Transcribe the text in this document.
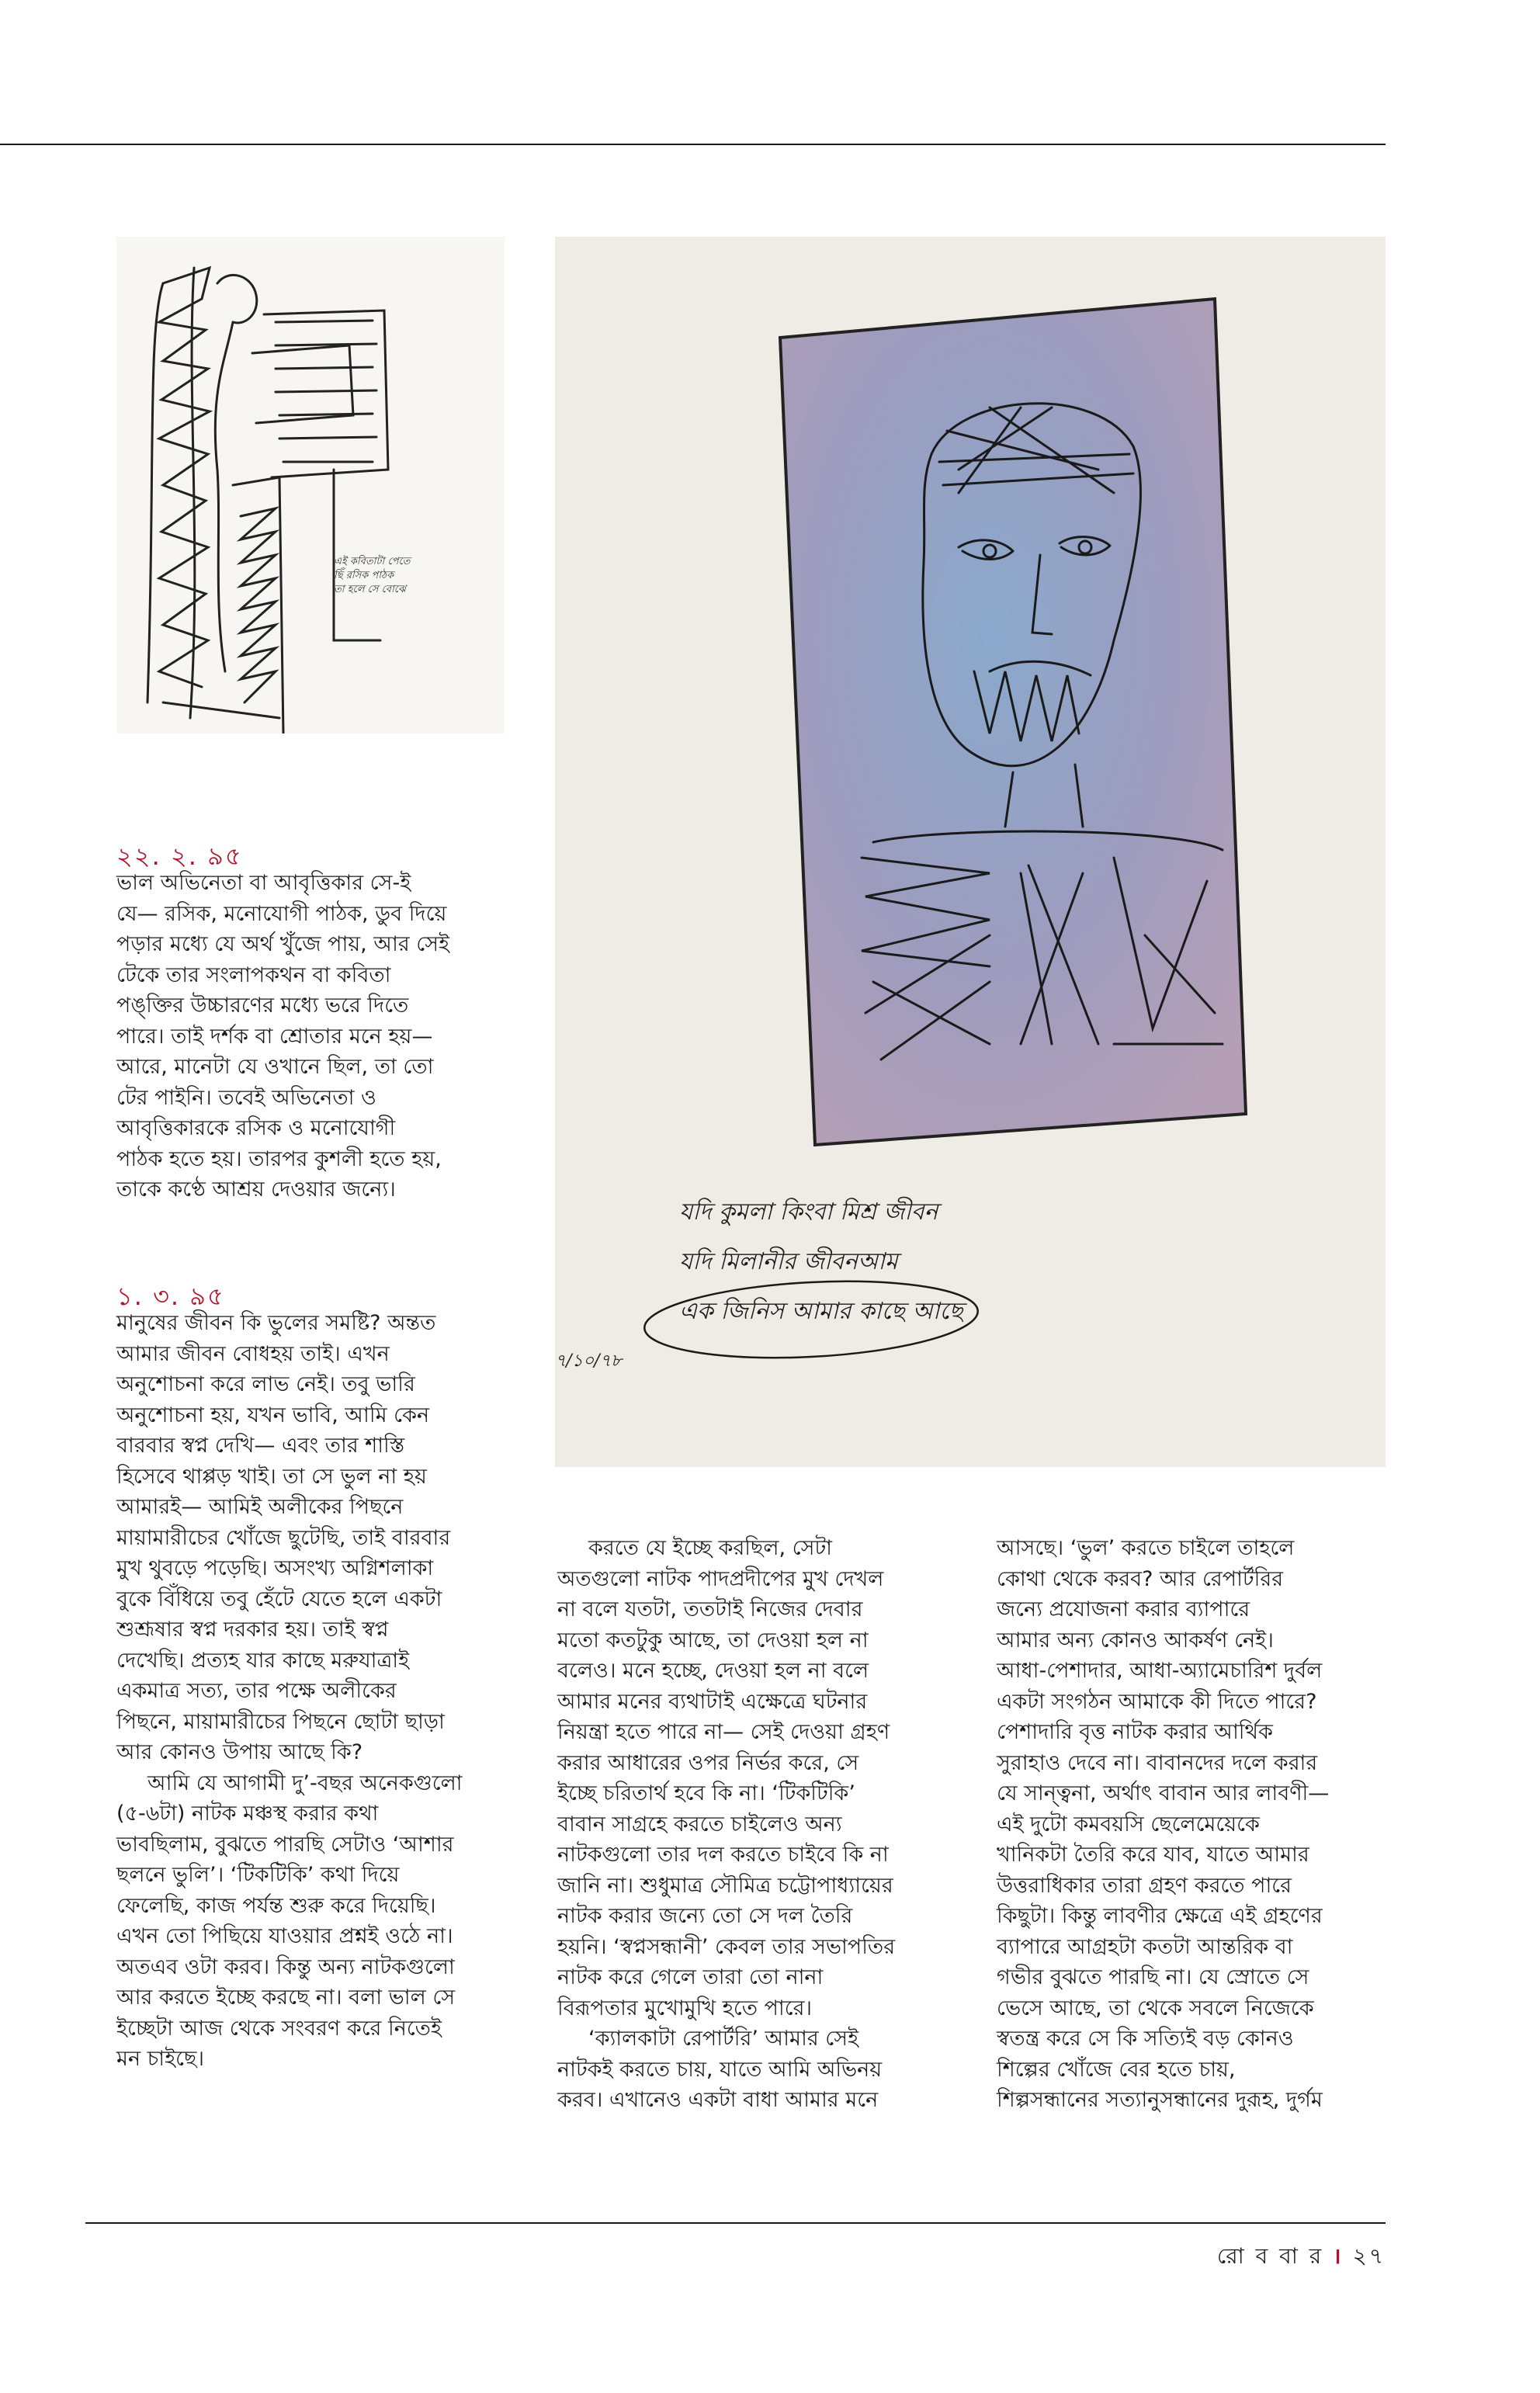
এই কবিতাটা পেতে
ছিঁ রসিক পাঠক
তা হলে সে বোঝে
যদি কুমলা কিংবা মিশ্র জীবন
যদি মিলানীর জীবনআম
এক জিনিস আমার কাছে আছে
৭/১০/৭৮
২২. ২. ৯৫

ভাল অভিনেতা বা আবৃত্তিকার সে-ই

যে— রসিক, মনোযোগী পাঠক, ডুব দিয়ে

পড়ার মধ্যে যে অর্থ খুঁজে পায়, আর সেই

টেকে তার সংলাপকথন বা কবিতা

পঙ্‌ক্তির উচ্চারণের মধ্যে ভরে দিতে

পারে। তাই দর্শক বা শ্রোতার মনে হয়—

আরে, মানেটা যে ওখানে ছিল, তা তো

টের পাইনি। তবেই অভিনেতা ও

আবৃত্তিকারকে রসিক ও মনোযোগী

পাঠক হতে হয়। তারপর কুশলী হতে হয়,

তাকে কণ্ঠে আশ্রয় দেওয়ার জন্যে।

১. ৩. ৯৫

মানুষের জীবন কি ভুলের সমষ্টি? অন্তত

আমার জীবন বোধহয় তাই। এখন

অনুশোচনা করে লাভ নেই। তবু ভারি

অনুশোচনা হয়, যখন ভাবি, আমি কেন

বারবার স্বপ্ন দেখি— এবং তার শাস্তি

হিসেবে থাপ্পড় খাই। তা সে ভুল না হয়

আমারই— আমিই অলীকের পিছনে

মায়ামারীচের খোঁজে ছুটেছি, তাই বারবার

মুখ থুবড়ে পড়েছি। অসংখ্য অগ্নিশলাকা

বুকে বিঁধিয়ে তবু হেঁটে যেতে হলে একটা

শুশ্রূষার স্বপ্ন দরকার হয়। তাই স্বপ্ন

দেখেছি। প্রত্যহ যার কাছে মরুযাত্রাই

একমাত্র সত্য, তার পক্ষে অলীকের

পিছনে, মায়ামারীচের পিছনে ছোটা ছাড়া

আর কোনও উপায় আছে কি?

আমি যে আগামী দু’-বছর অনেকগুলো

(৫-৬টা) নাটক মঞ্চস্থ করার কথা

ভাবছিলাম, বুঝতে পারছি সেটাও ‘আশার

ছলনে ভুলি’। ‘টিকটিকি’ কথা দিয়ে

ফেলেছি, কাজ পর্যন্ত শুরু করে দিয়েছি।

এখন তো পিছিয়ে যাওয়ার প্রশ্নই ওঠে না।

অতএব ওটা করব। কিন্তু অন্য নাটকগুলো

আর করতে ইচ্ছে করছে না। বলা ভাল সে

ইচ্ছেটা আজ থেকে সংবরণ করে নিতেই

মন চাইছে।

করতে যে ইচ্ছে করছিল, সেটা

অতগুলো নাটক পাদপ্রদীপের মুখ দেখল

না বলে যতটা, ততটাই নিজের দেবার

মতো কতটুকু আছে, তা দেওয়া হল না

বলেও। মনে হচ্ছে, দেওয়া হল না বলে

আমার মনের ব্যথাটাই এক্ষেত্রে ঘটনার

নিয়ন্ত্রা হতে পারে না— সেই দেওয়া গ্রহণ

করার আধারের ওপর নির্ভর করে, সে

ইচ্ছে চরিতার্থ হবে কি না। ‘টিকটিকি’

বাবান সাগ্রহে করতে চাইলেও অন্য

নাটকগুলো তার দল করতে চাইবে কি না

জানি না। শুধুমাত্র সৌমিত্র চট্টোপাধ্যায়ের

নাটক করার জন্যে তো সে দল তৈরি

হয়নি। ‘স্বপ্নসন্ধানী’ কেবল তার সভাপতির

নাটক করে গেলে তারা তো নানা

বিরূপতার মুখোমুখি হতে পারে।

‘ক্যালকাটা রেপার্টরি’ আমার সেই

নাটকই করতে চায়, যাতে আমি অভিনয়

করব। এখানেও একটা বাধা আমার মনে

আসছে। ‘ভুল’ করতে চাইলে তাহলে

কোথা থেকে করব? আর রেপার্টরির

জন্যে প্রযোজনা করার ব্যাপারে

আমার অন্য কোনও আকর্ষণ নেই।

আধা-পেশাদার, আধা-অ্যামেচারিশ দুর্বল

একটা সংগঠন আমাকে কী দিতে পারে?

পেশাদারি বৃত্ত নাটক করার আর্থিক

সুরাহাও দেবে না। বাবানদের দলে করার

যে সান্ত্বনা, অর্থাৎ বাবান আর লাবণী—

এই দুটো কমবয়সি ছেলেমেয়েকে

খানিকটা তৈরি করে যাব, যাতে আমার

উত্তরাধিকার তারা গ্রহণ করতে পারে

কিছুটা। কিন্তু লাবণীর ক্ষেত্রে এই গ্রহণের

ব্যাপারে আগ্রহটা কতটা আন্তরিক বা

গভীর বুঝতে পারছি না। যে স্রোতে সে

ভেসে আছে, তা থেকে সবলে নিজেকে

স্বতন্ত্র করে সে কি সত্যিই বড় কোনও

শিল্পের খোঁজে বের হতে চায়,

শিল্পসন্ধানের সত্যানুসন্ধানের দুরূহ, দুর্গম

রো ব বা র । ২৭
